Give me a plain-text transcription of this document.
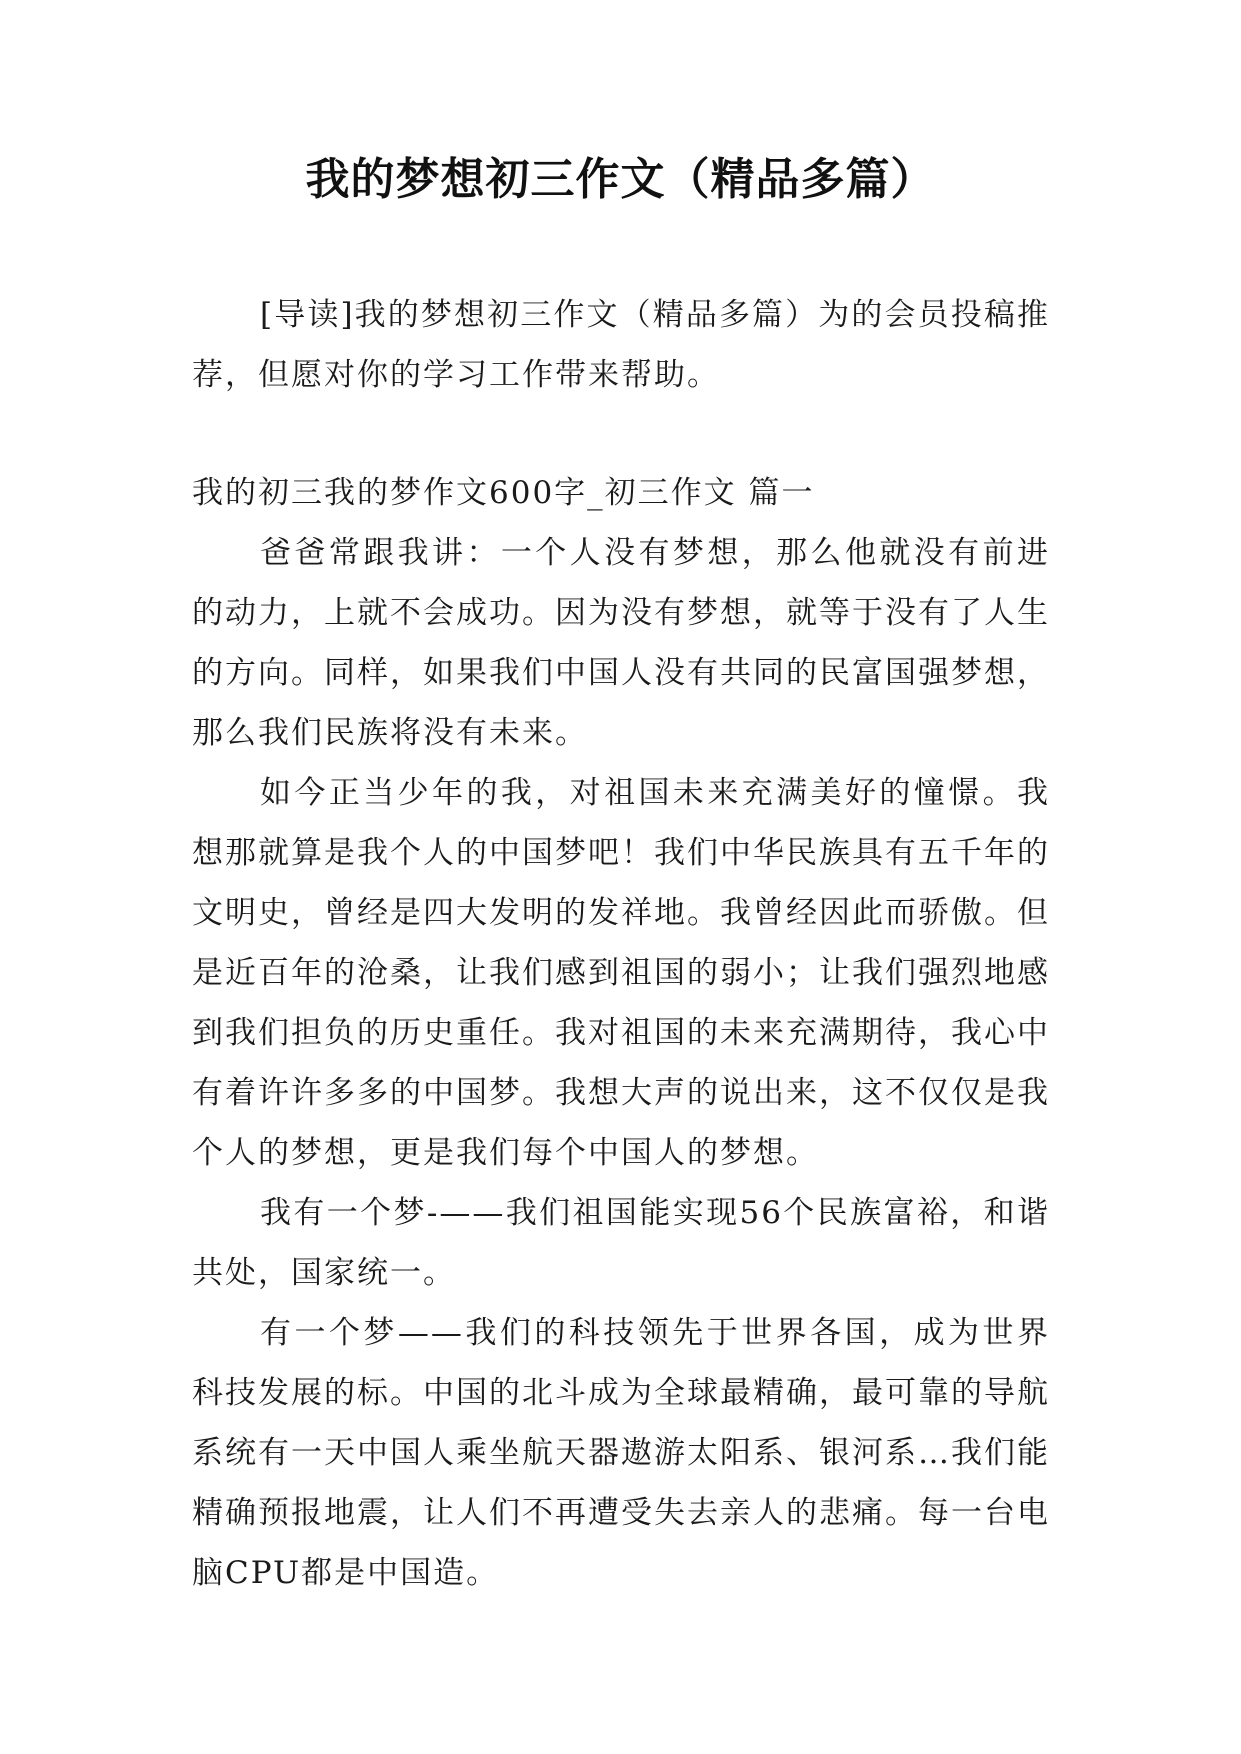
我的梦想初三作文（精品多篇）

[导读]我的梦想初三作文（精品多篇）为的会员投稿推荐，但愿对你的学习工作带来帮助。

我的初三我的梦作文600字_初三作文 篇一

爸爸常跟我讲：一个人没有梦想，那么他就没有前进的动力，上就不会成功。因为没有梦想，就等于没有了人生的方向。同样，如果我们中国人没有共同的民富国强梦想，那么我们民族将没有未来。

如今正当少年的我，对祖国未来充满美好的憧憬。我想那就算是我个人的中国梦吧！我们中华民族具有五千年的文明史，曾经是四大发明的发祥地。我曾经因此而骄傲。但是近百年的沧桑，让我们感到祖国的弱小；让我们强烈地感到我们担负的历史重任。我对祖国的未来充满期待，我心中有着许许多多的中国梦。我想大声的说出来，这不仅仅是我个人的梦想，更是我们每个中国人的梦想。

我有一个梦-——我们祖国能实现56个民族富裕，和谐共处，国家统一。

有一个梦——我们的科技领先于世界各国，成为世界科技发展的标。中国的北斗成为全球最精确，最可靠的导航系统有一天中国人乘坐航天器遨游太阳系、银河系…我们能精确预报地震，让人们不再遭受失去亲人的悲痛。每一台电脑CPU都是中国造。
